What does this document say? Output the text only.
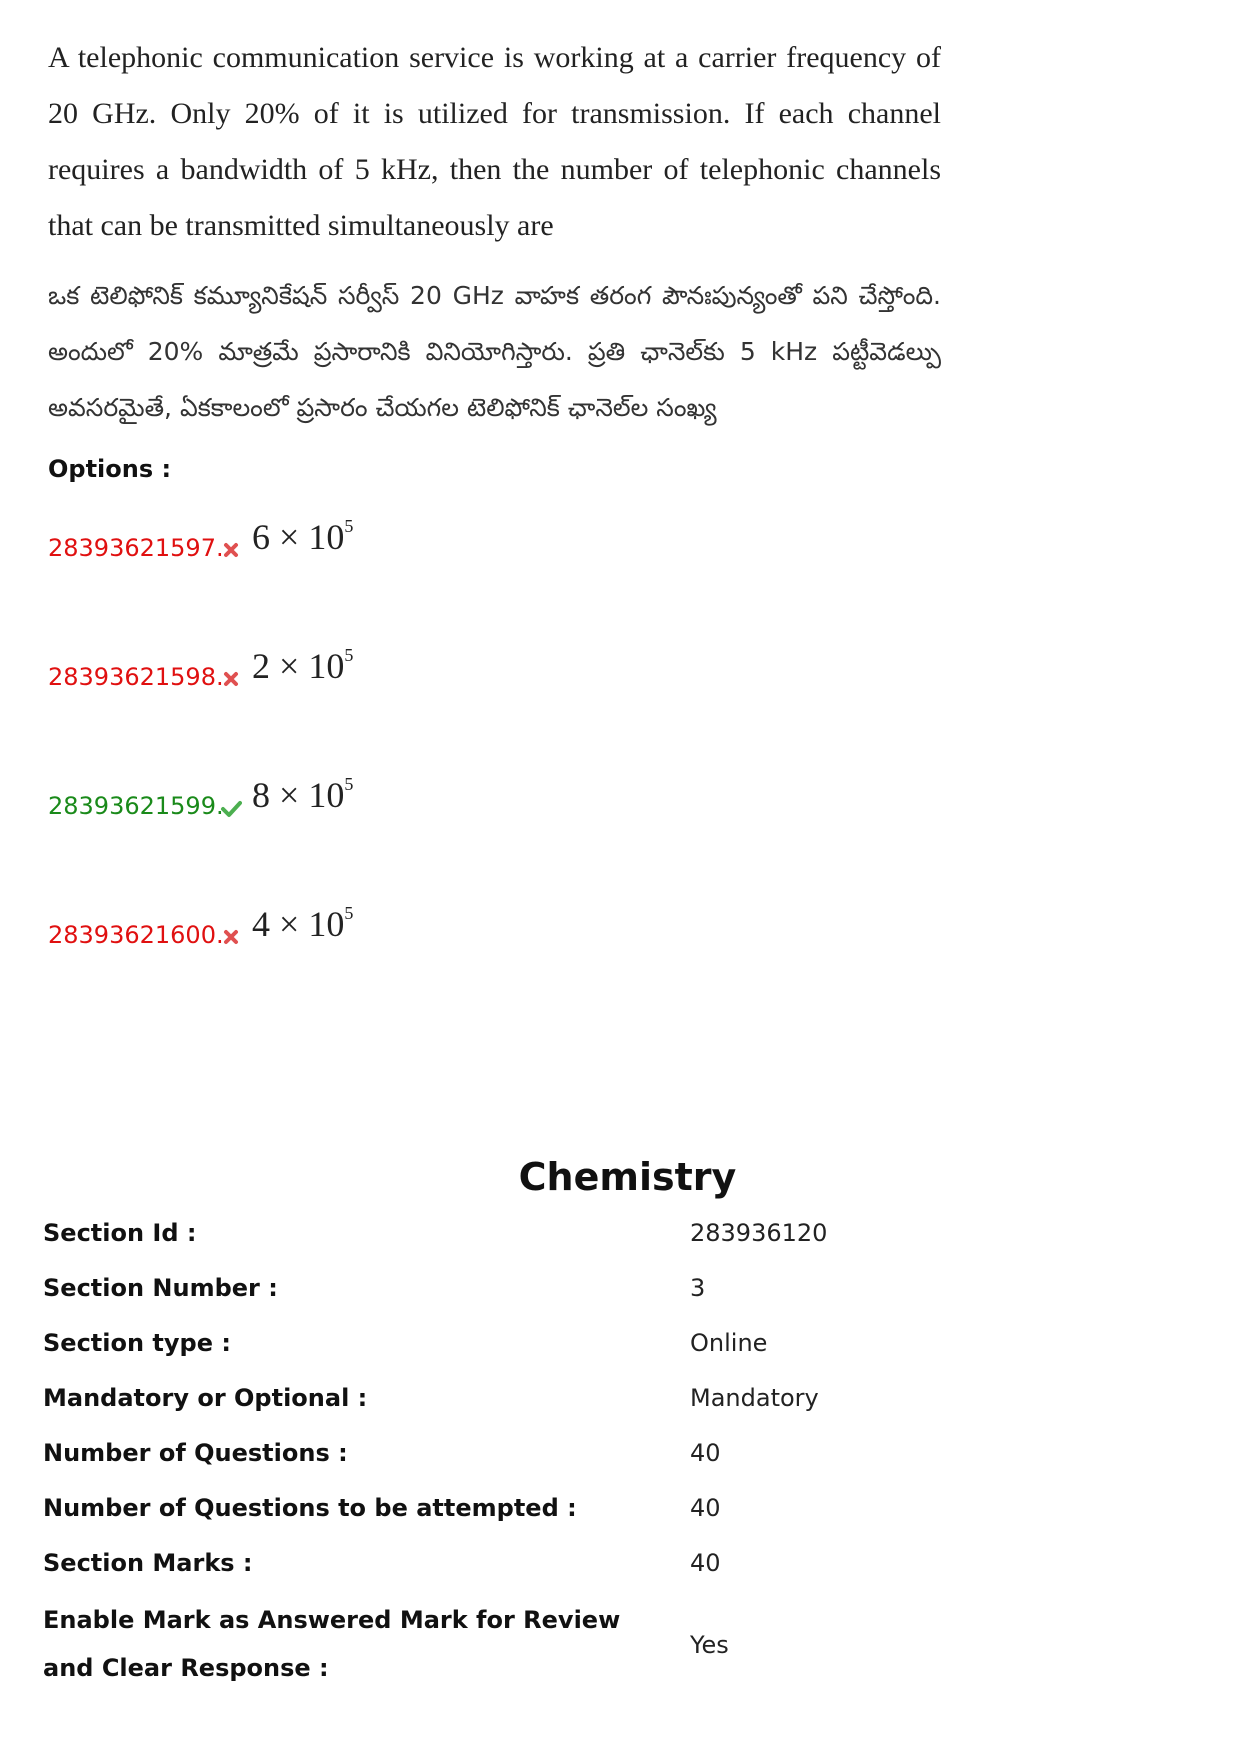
A telephonic communication service is working at a carrier frequency of 20 GHz. Only 20% of it is utilized for transmission. If each channel requires a bandwidth of 5 kHz, then the number of telephonic channels that can be transmitted simultaneously are

ఒక టెలిఫోనిక్ కమ్యూనికేషన్ సర్వీస్ 20 GHz వాహక తరంగ పౌనఃపున్యంతో పని చేస్తోంది. అందులో 20% మాత్రమే ప్రసారానికి వినియోగిస్తారు. ప్రతి ఛానెల్‌కు 5 kHz పట్టీవెడల్పు అవసరమైతే, ఏకకాలంలో ప్రసారం చేయగల టెలిఫోనిక్ ఛానెల్‌ల సంఖ్య

Options :
28393621597. $6 \times 10^5$
28393621598. $2 \times 10^5$
28393621599. $8 \times 10^5$
28393621600. $4 \times 10^5$
Chemistry
Section Id :	283936120
Section Number :	3
Section type :	Online
Mandatory or Optional :	Mandatory
Number of Questions :	40
Number of Questions to be attempted :	40
Section Marks :	40
Enable Mark as Answered Mark for Review and Clear Response :
Yes
